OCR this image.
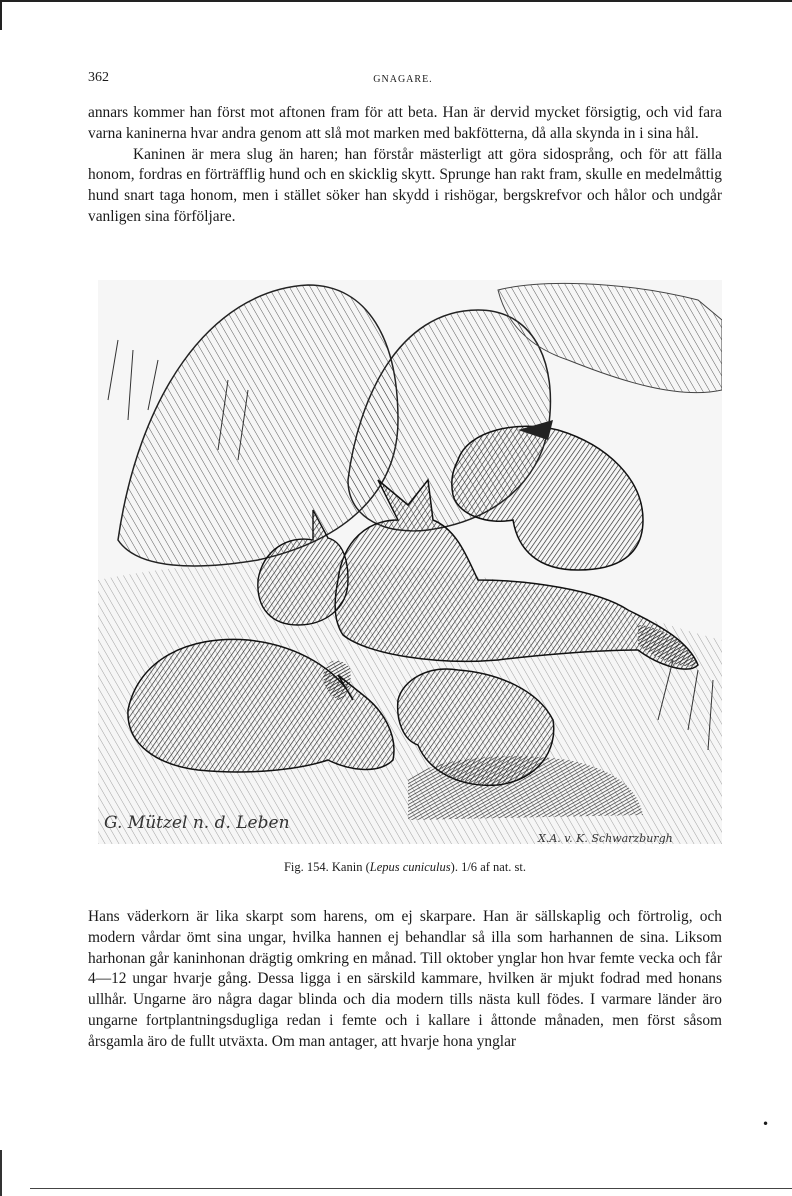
362	GNAGARE.

annars kommer han först mot aftonen fram för att beta. Han är dervid mycket försigtig, och vid fara varna kaninerna hvar andra genom att slå mot marken med bakfötterna, då alla skynda in i sina hål.

Kaninen är mera slug än haren; han förstår mästerligt att göra sidosprång, och för att fälla honom, fordras en förträfflig hund och en skicklig skytt. Sprunge han rakt fram, skulle en medelmåttig hund snart taga honom, men i stället söker han skydd i rishögar, bergskrefvor och hålor och undgår vanligen sina förföljare.

G. Mützel n. d. Leben
X.A. v. K. Schwarzburgh
Fig. 154. Kanin (Lepus cuniculus). 1/6 af nat. st.

Hans väderkorn är lika skarpt som harens, om ej skarpare. Han är sällskaplig och förtrolig, och modern vårdar ömt sina ungar, hvilka hannen ej behandlar så illa som harhannen de sina. Liksom harhonan går kaninhonan drägtig omkring en månad. Till oktober ynglar hon hvar femte vecka och får 4—12 ungar hvarje gång. Dessa ligga i en särskild kammare, hvilken är mjukt fodrad med honans ullhår. Ungarne äro några dagar blinda och dia modern tills nästa kull födes. I varmare länder äro ungarne fortplantningsdugliga redan i femte och i kallare i åttonde månaden, men först såsom årsgamla äro de fullt utväxta. Om man antager, att hvarje hona ynglar

•
